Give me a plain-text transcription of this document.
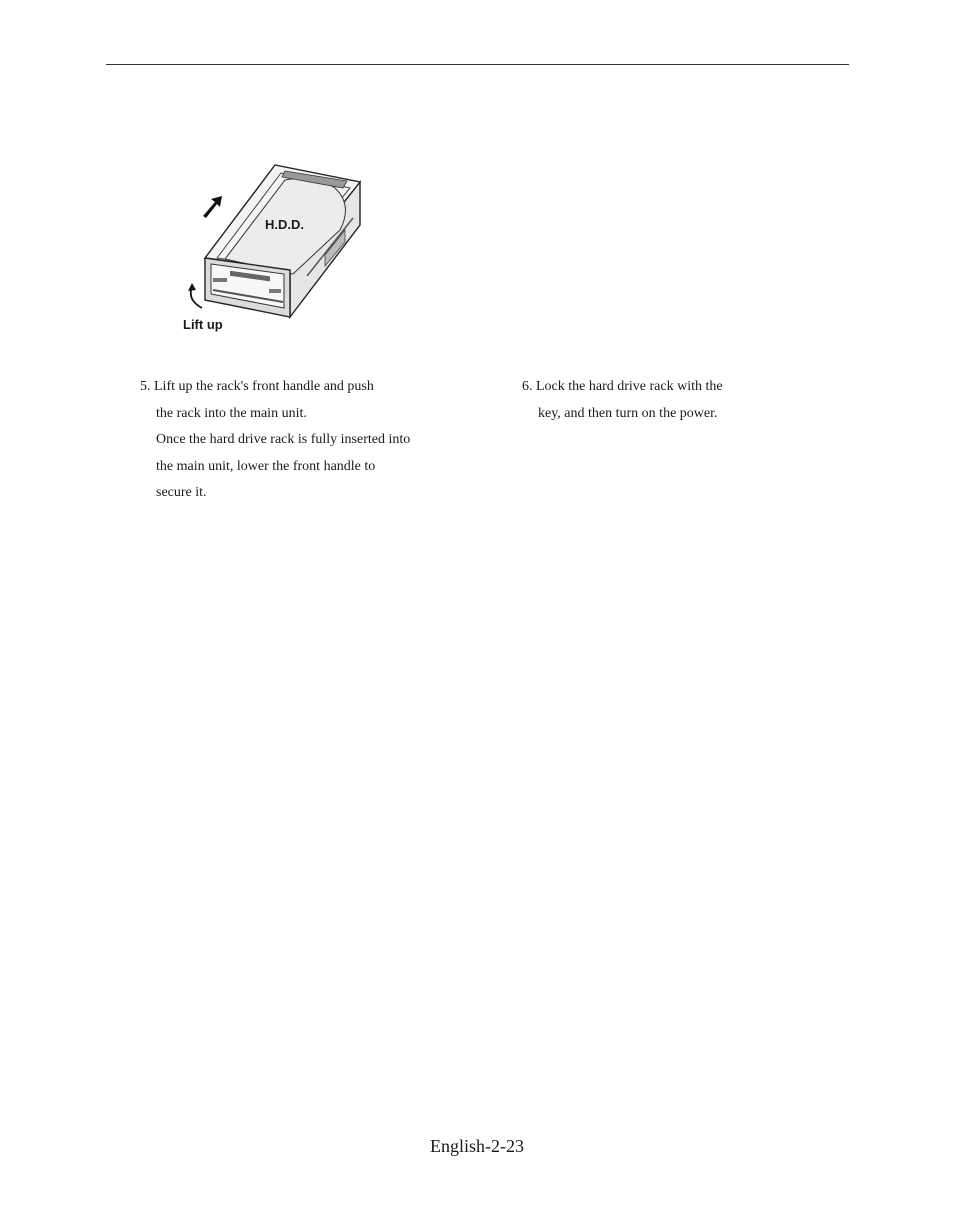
H.D.D.
Lift up
5. Lift up the rack's front handle and push
the rack into the main unit.
Once the hard drive rack is fully inserted into
the main unit, lower the front handle to
secure it.
6. Lock the hard drive rack with the
key, and then turn on the power.
English-2-23
